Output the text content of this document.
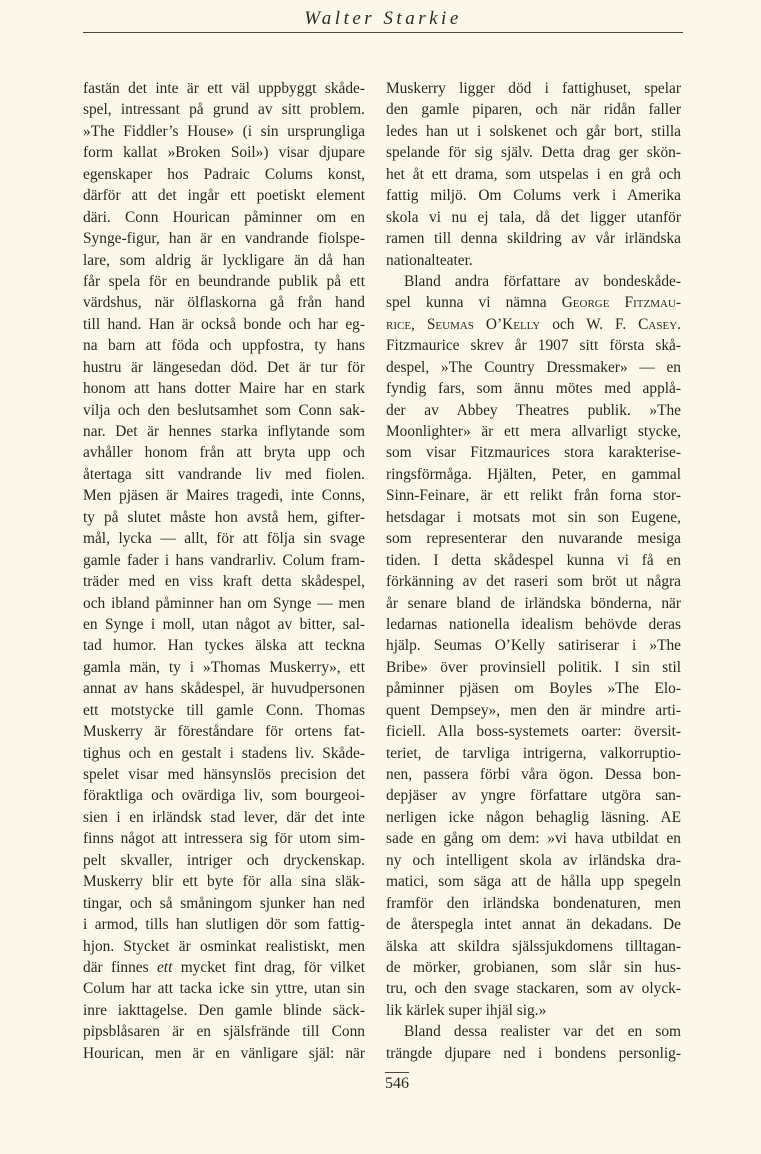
Walter Starkie
fastän det inte är ett väl uppbyggt skåde-
spel, intressant på grund av sitt problem.
»The Fiddler’s House» (i sin ursprungliga
form kallat »Broken Soil») visar djupare
egenskaper hos Padraic Colums konst,
därför att det ingår ett poetiskt element
däri. Conn Hourican påminner om en
Synge-figur, han är en vandrande fiolspe-
lare, som aldrig är lyckligare än då han
får spela för en beundrande publik på ett
värdshus, när ölflaskorna gå från hand
till hand. Han är också bonde och har eg-
na barn att föda och uppfostra, ty hans
hustru är längesedan död. Det är tur för
honom att hans dotter Maire har en stark
vilja och den beslutsamhet som Conn sak-
nar. Det är hennes starka inflytande som
avhåller honom från att bryta upp och
återtaga sitt vandrande liv med fiolen.
Men pjäsen är Maires tragedi, inte Conns,
ty på slutet måste hon avstå hem, gifter-
mål, lycka — allt, för att följa sin svage
gamle fader i hans vandrarliv. Colum fram-
träder med en viss kraft detta skådespel,
och ibland påminner han om Synge — men
en Synge i moll, utan något av bitter, sal-
tad humor. Han tyckes älska att teckna
gamla män, ty i »Thomas Muskerry», ett
annat av hans skådespel, är huvudpersonen
ett motstycke till gamle Conn. Thomas
Muskerry är föreståndare för ortens fat-
tighus och en gestalt i stadens liv. Skåde-
spelet visar med hänsynslös precision det
föraktliga och ovärdiga liv, som bourgeoi-
sien i en irländsk stad lever, där det inte
finns något att intressera sig för utom sim-
pelt skvaller, intriger och dryckenskap.
Muskerry blir ett byte för alla sina släk-
tingar, och så småningom sjunker han ned
i armod, tills han slutligen dör som fattig-
hjon. Stycket är osminkat realistiskt, men
där finnes ett mycket fint drag, för vilket
Colum har att tacka icke sin yttre, utan sin
inre iakttagelse. Den gamle blinde säck-
pipsblåsaren är en själsfrände till Conn
Hourican, men är en vänligare själ: när
Muskerry ligger död i fattighuset, spelar
den gamle piparen, och när ridån faller
ledes han ut i solskenet och går bort, stilla
spelande för sig själv. Detta drag ger skön-
het åt ett drama, som utspelas i en grå och
fattig miljö. Om Colums verk i Amerika
skola vi nu ej tala, då det ligger utanför
ramen till denna skildring av vår irländska
nationalteater.
Bland andra författare av bondeskåde-
spel kunna vi nämna George Fitzmau-
rice, Seumas O’Kelly och W. F. Casey.
Fitzmaurice skrev år 1907 sitt första skå-
despel, »The Country Dressmaker» — en
fyndig fars, som ännu mötes med applå-
der av Abbey Theatres publik. »The
Moonlighter» är ett mera allvarligt stycke,
som visar Fitzmaurices stora karakterise-
ringsförmåga. Hjälten, Peter, en gammal
Sinn-Feinare, är ett relikt från forna stor-
hetsdagar i motsats mot sin son Eugene,
som representerar den nuvarande mesiga
tiden. I detta skådespel kunna vi få en
förkänning av det raseri som bröt ut några
år senare bland de irländska bönderna, när
ledarnas nationella idealism behövde deras
hjälp. Seumas O’Kelly satiriserar i »The
Bribe» över provinsiell politik. I sin stil
påminner pjäsen om Boyles »The Elo-
quent Dempsey», men den är mindre arti-
ficiell. Alla boss-systemets oarter: översit-
teriet, de tarvliga intrigerna, valkorruptio-
nen, passera förbi våra ögon. Dessa bon-
depjäser av yngre författare utgöra san-
nerligen icke någon behaglig läsning. AE
sade en gång om dem: »vi hava utbildat en
ny och intelligent skola av irländska dra-
matici, som säga att de hålla upp spegeln
framför den irländska bondenaturen, men
de återspegla intet annat än dekadans. De
älska att skildra själssjukdomens tilltagan-
de mörker, grobianen, som slår sin hus-
tru, och den svage stackaren, som av olyck-
lik kärlek super ihjäl sig.»
Bland dessa realister var det en som
trängde djupare ned i bondens personlig-
546
